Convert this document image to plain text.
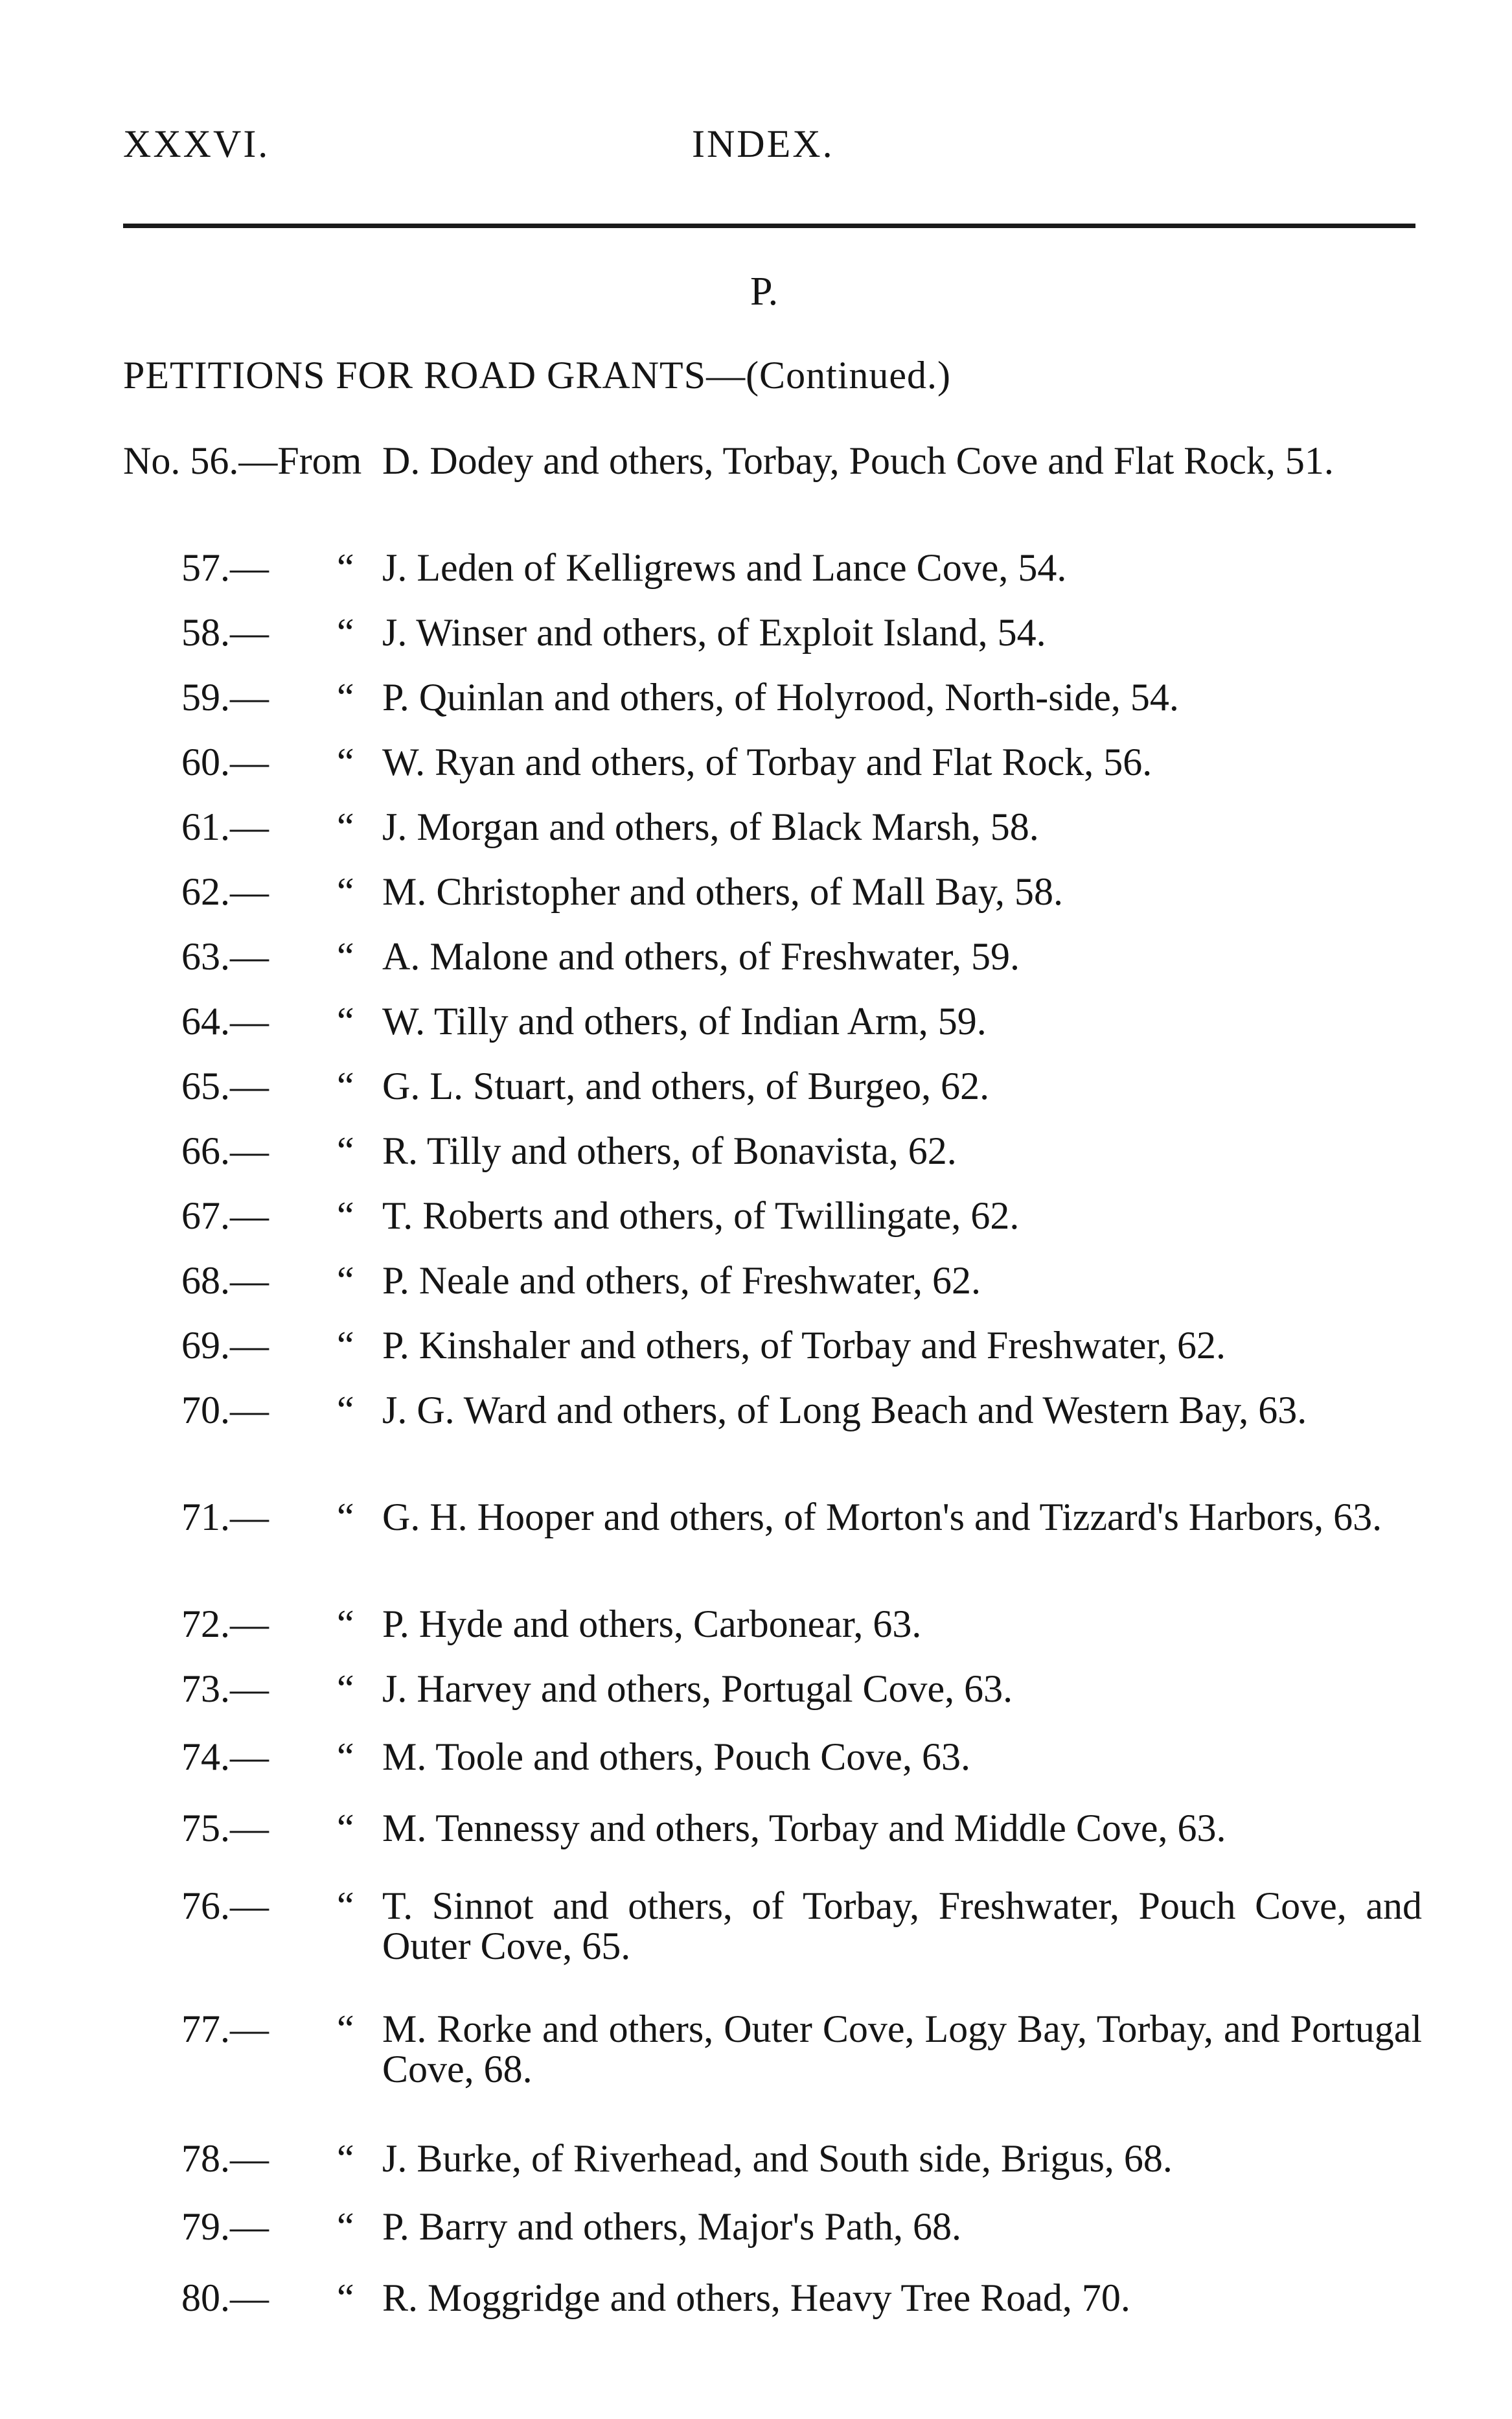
XXXVI.	INDEX.
P.
PETITIONS FOR ROAD GRANTS—(Continued.)
No. 56.—From D. Dodey and others, Torbay, Pouch Cove and Flat Rock, 51.
57.— “ J. Leden of Kelligrews and Lance Cove, 54.
58.— “ J. Winser and others, of Exploit Island, 54.
59.— “ P. Quinlan and others, of Holyrood, North-side, 54.
60.— “ W. Ryan and others, of Torbay and Flat Rock, 56.
61.— “ J. Morgan and others, of Black Marsh, 58.
62.— “ M. Christopher and others, of Mall Bay, 58.
63.— “ A. Malone and others, of Freshwater, 59.
64.— “ W. Tilly and others, of Indian Arm, 59.
65.— “ G. L. Stuart, and others, of Burgeo, 62.
66.— “ R. Tilly and others, of Bonavista, 62.
67.— “ T. Roberts and others, of Twillingate, 62.
68.— “ P. Neale and others, of Freshwater, 62.
69.— “ P. Kinshaler and others, of Torbay and Freshwater, 62.
70.— “ J. G. Ward and others, of Long Beach and Western Bay, 63.
71.— “ G. H. Hooper and others, of Morton's and Tizzard's Harbors, 63.
72.— “ P. Hyde and others, Carbonear, 63.
73.— “ J. Harvey and others, Portugal Cove, 63.
74.— “ M. Toole and others, Pouch Cove, 63.
75.— “ M. Tennessy and others, Torbay and Middle Cove, 63.
76.— “ T. Sinnot and others, of Torbay, Freshwater, Pouch Cove, and Outer Cove, 65.
77.— “ M. Rorke and others, Outer Cove, Logy Bay, Torbay, and Portugal Cove, 68.
78.— “ J. Burke, of Riverhead, and South side, Brigus, 68.
79.— “ P. Barry and others, Major's Path, 68.
80.— “ R. Moggridge and others, Heavy Tree Road, 70.
